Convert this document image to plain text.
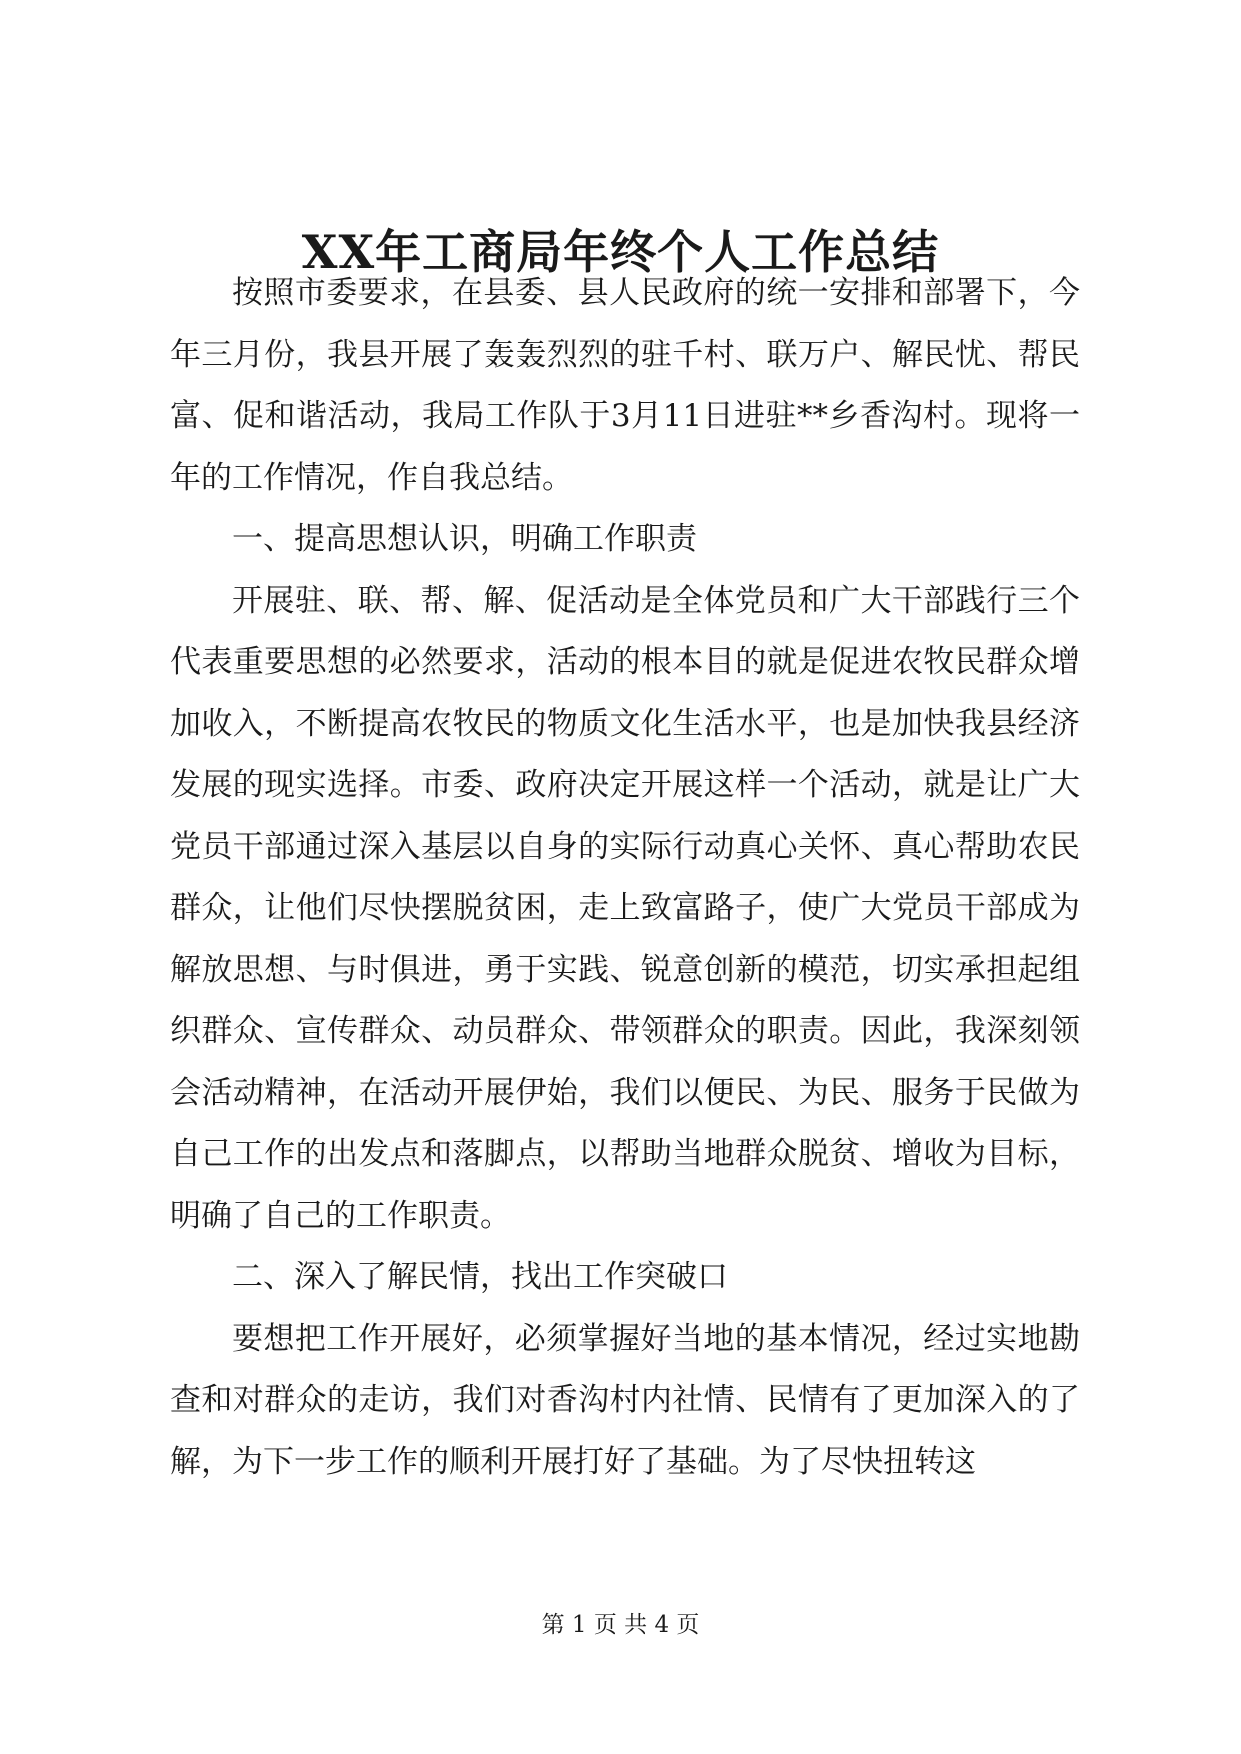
XX年工商局年终个人工作总结

按照市委要求，在县委、县人民政府的统一安排和部署下，今年三月份，我县开展了轰轰烈烈的驻千村、联万户、解民忧、帮民富、促和谐活动，我局工作队于3月11日进驻**乡香沟村。现将一年的工作情况，作自我总结。

一、提高思想认识，明确工作职责

开展驻、联、帮、解、促活动是全体党员和广大干部践行三个代表重要思想的必然要求，活动的根本目的就是促进农牧民群众增加收入，不断提高农牧民的物质文化生活水平，也是加快我县经济发展的现实选择。市委、政府决定开展这样一个活动，就是让广大党员干部通过深入基层以自身的实际行动真心关怀、真心帮助农民群众，让他们尽快摆脱贫困，走上致富路子，使广大党员干部成为解放思想、与时俱进，勇于实践、锐意创新的模范，切实承担起组织群众、宣传群众、动员群众、带领群众的职责。因此，我深刻领会活动精神，在活动开展伊始，我们以便民、为民、服务于民做为自己工作的出发点和落脚点，以帮助当地群众脱贫、增收为目标，明确了自己的工作职责。

二、深入了解民情，找出工作突破口

要想把工作开展好，必须掌握好当地的基本情况，经过实地勘查和对群众的走访，我们对香沟村内社情、民情有了更加深入的了解，为下一步工作的顺利开展打好了基础。为了尽快扭转这

第 1 页 共 4 页
